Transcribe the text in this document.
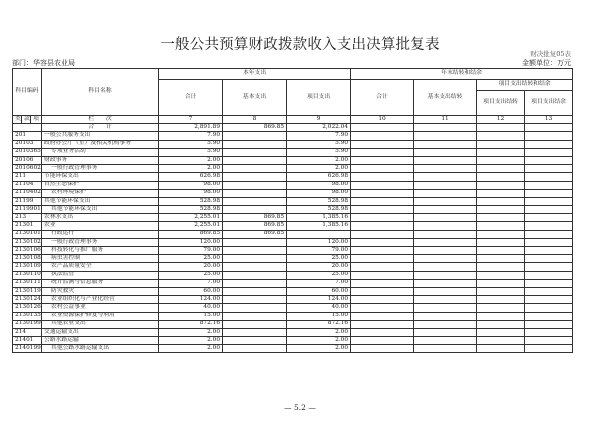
一般公共预算财政拨款收入支出决算批复表
财决批复05表
部门：华容县农业局	金额单位：万元
科目编码			科目名称	本年支出			年末结转和结余			
				合计	基本支出	项目支出	合计	基本支出结转	项目支出结转和结余	
									项目支出结转	项目支出结余
类	款	项	栏　　次	7	8	9	10	11	12	13
			合　　计	2,891.89	869.85	2,022.04				
201			一般公共服务支出	7.90		7.90				
20103			政府办公厅（室）及相关机构事务	5.90		5.90				
2010365			专项业务活动	5.90		5.90				
20106			财政事务	2.00		2.00				
2010602			一般行政管理事务	2.00		2.00				
211			节能环保支出	626.98		626.98				
21104			自然生态保护	98.00		98.00				
2110402			农村环境保护	98.00		98.00				
21199			其他节能环保支出	528.98		528.98				
2119901			其他节能环保支出	528.98		528.98				
213			农林水支出	2,255.01	869.85	1,385.16				
21301			农业	2,255.01	869.85	1,385.16				
2130101			行政运行	869.85	869.85					
2130102			一般行政管理事务	120.00		120.00				
2130106			科技转化与推广服务	79.00		79.00				
2130108			病虫害控制	25.00		25.00				
2130109			农产品质量安全	20.00		20.00				
2130110			执法监管	25.00		25.00				
2130111			统计监测与信息服务	7.00		7.00				
2130119			防灾救灾	60.00		60.00				
2130124			农业组织化与产业化经营	124.00		124.00				
2130126			农村公益事业	40.00		40.00				
2130135			农业资源保护修复与利用	15.00		15.00				
2130199			其他农业支出	872.16		872.16				
214			交通运输支出	2.00		2.00				
21401			公路水路运输	2.00		2.00				
2140199			其他公路水路运输支出	2.00		2.00				
— 5.2 —
